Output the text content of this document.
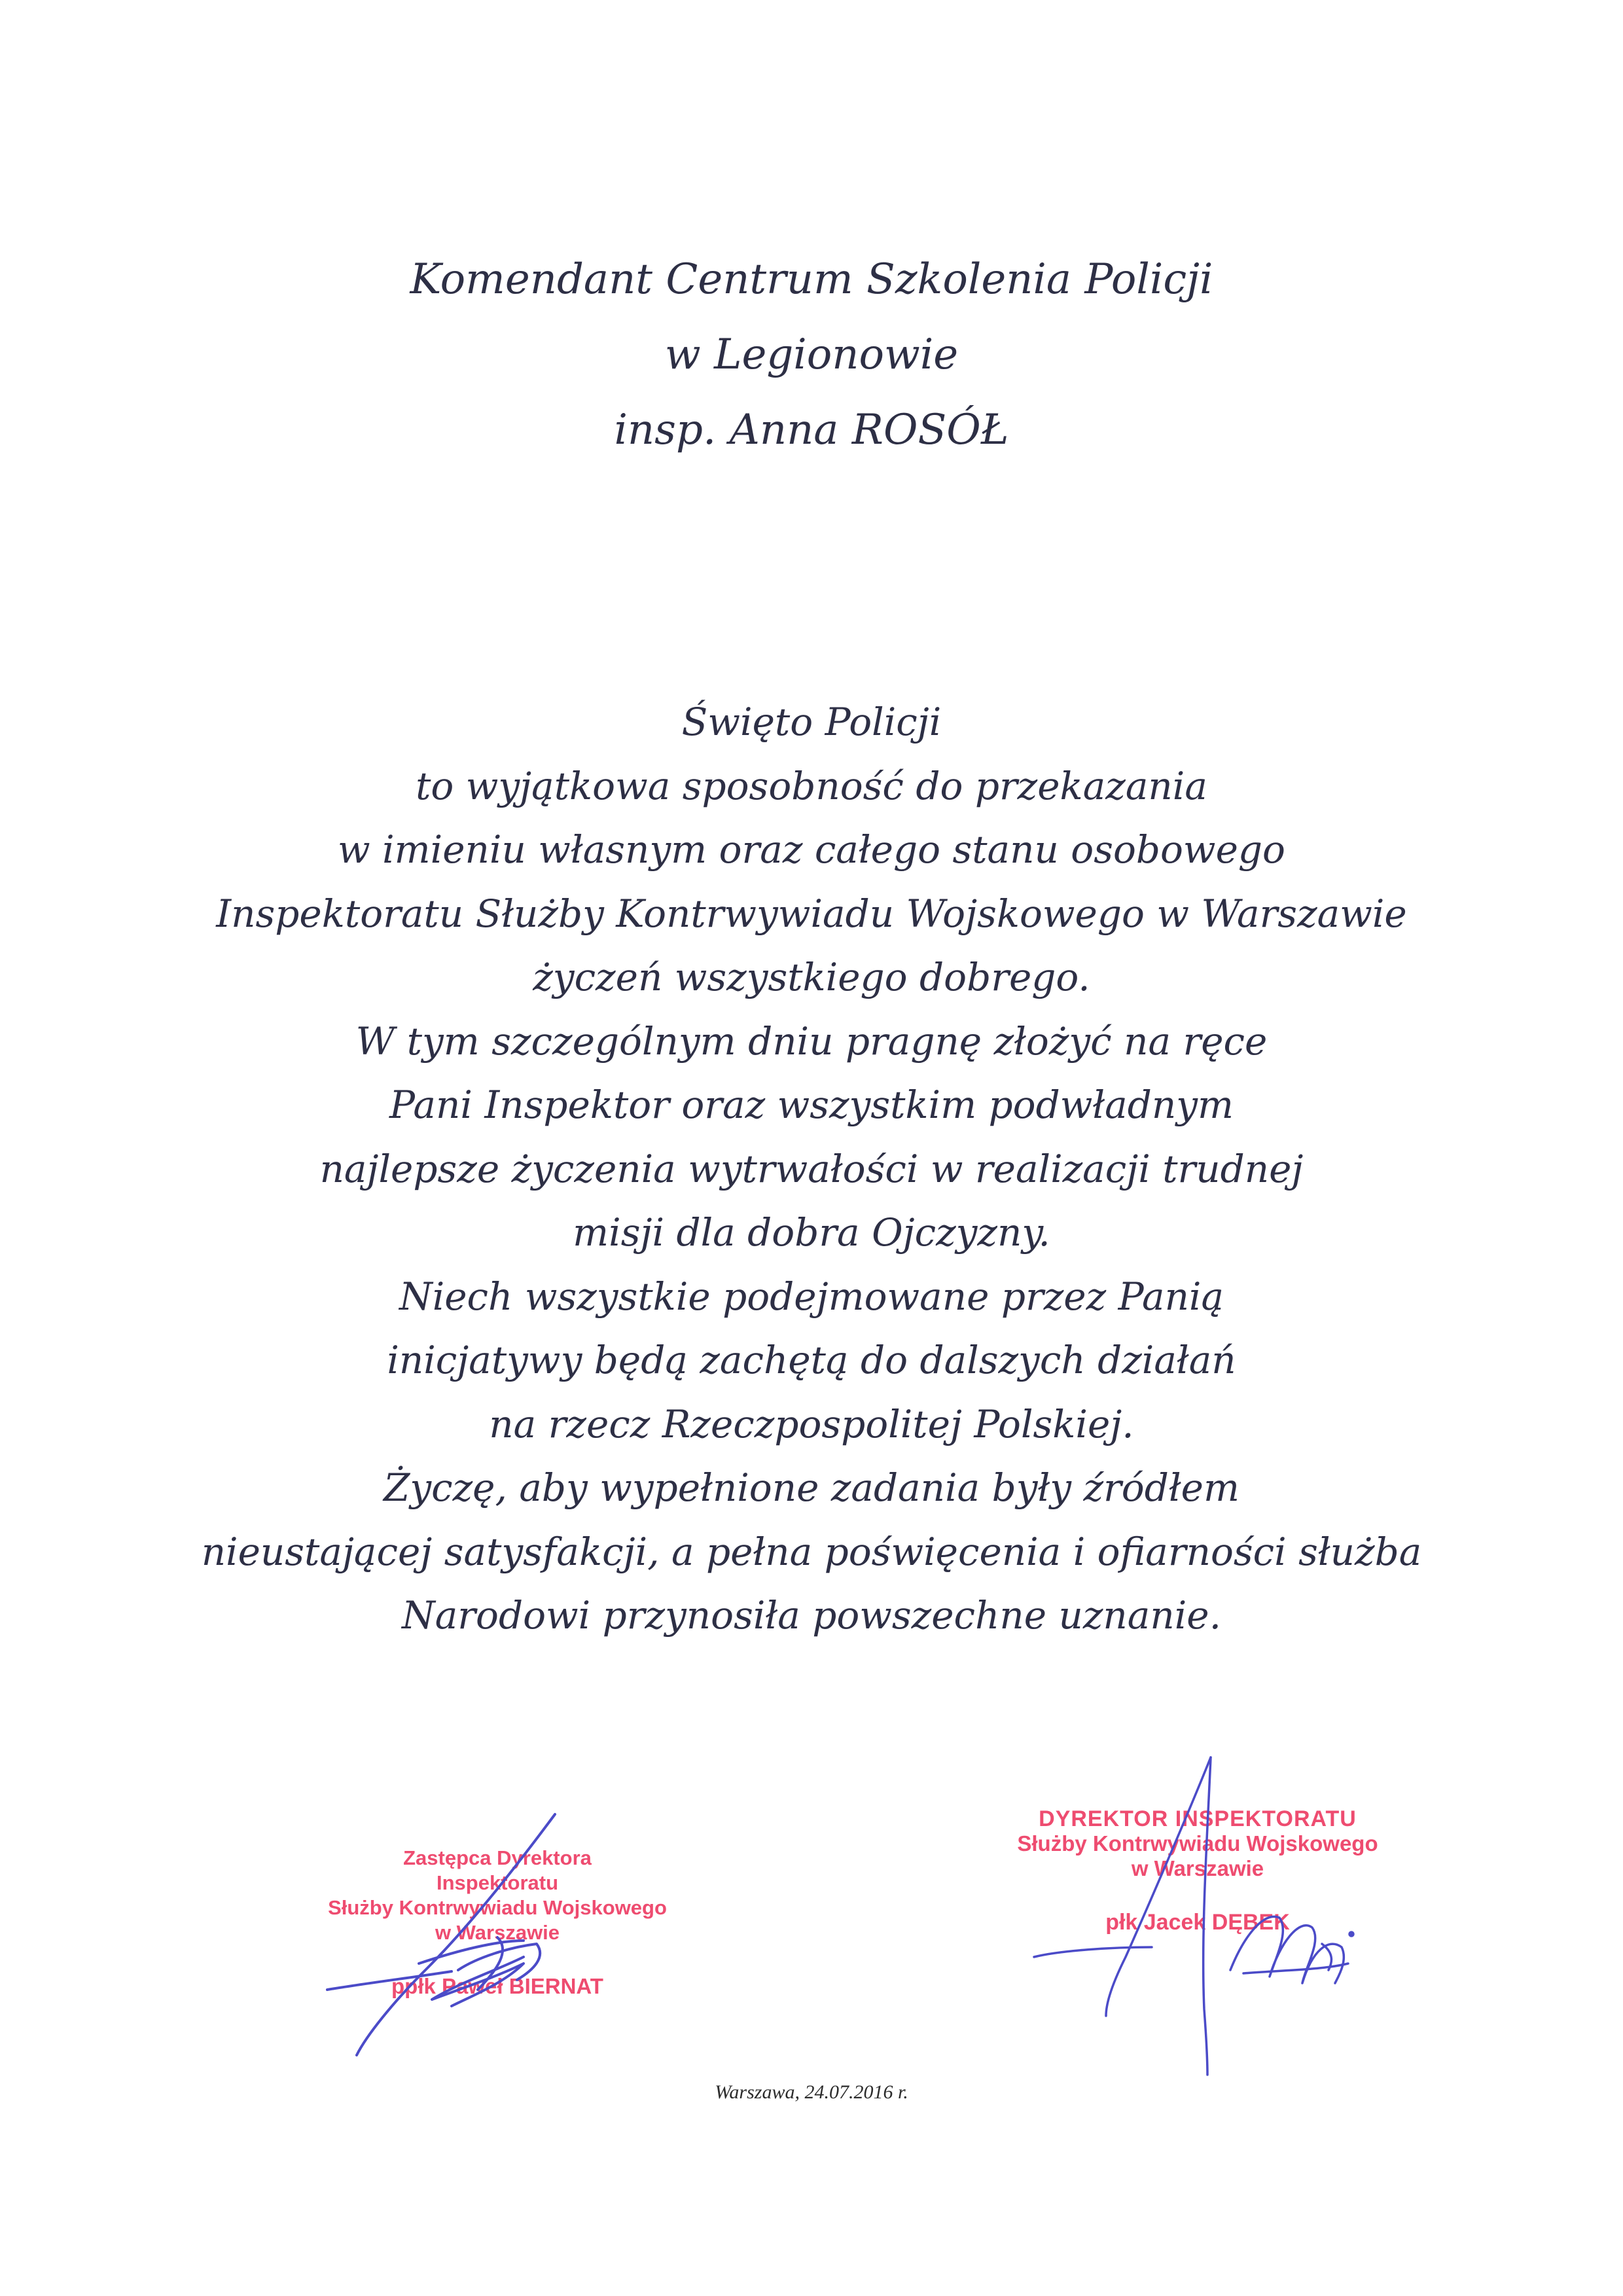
Komendant Centrum Szkolenia Policji
w Legionowie
insp. Anna ROSÓŁ
Święto Policji
to wyjątkowa sposobność do przekazania
w imieniu własnym oraz całego stanu osobowego
Inspektoratu Służby Kontrwywiadu Wojskowego w Warszawie
życzeń wszystkiego dobrego.
W tym szczególnym dniu pragnę złożyć na ręce
Pani Inspektor oraz wszystkim podwładnym
najlepsze życzenia wytrwałości w realizacji trudnej
misji dla dobra Ojczyzny.
Niech wszystkie podejmowane przez Panią
inicjatywy będą zachętą do dalszych działań
na rzecz Rzeczpospolitej Polskiej.
Życzę, aby wypełnione zadania były źródłem
nieustającej satysfakcji, a pełna poświęcenia i ofiarności służba
Narodowi przynosiła powszechne uznanie.
Zastępca Dyrektora
Inspektoratu
Służby Kontrwywiadu Wojskowego
w Warszawie
ppłk Paweł BIERNAT
DYREKTOR INSPEKTORATU
Służby Kontrwywiadu Wojskowego
w Warszawie
płk Jacek DĘBEK
Warszawa, 24.07.2016 r.
